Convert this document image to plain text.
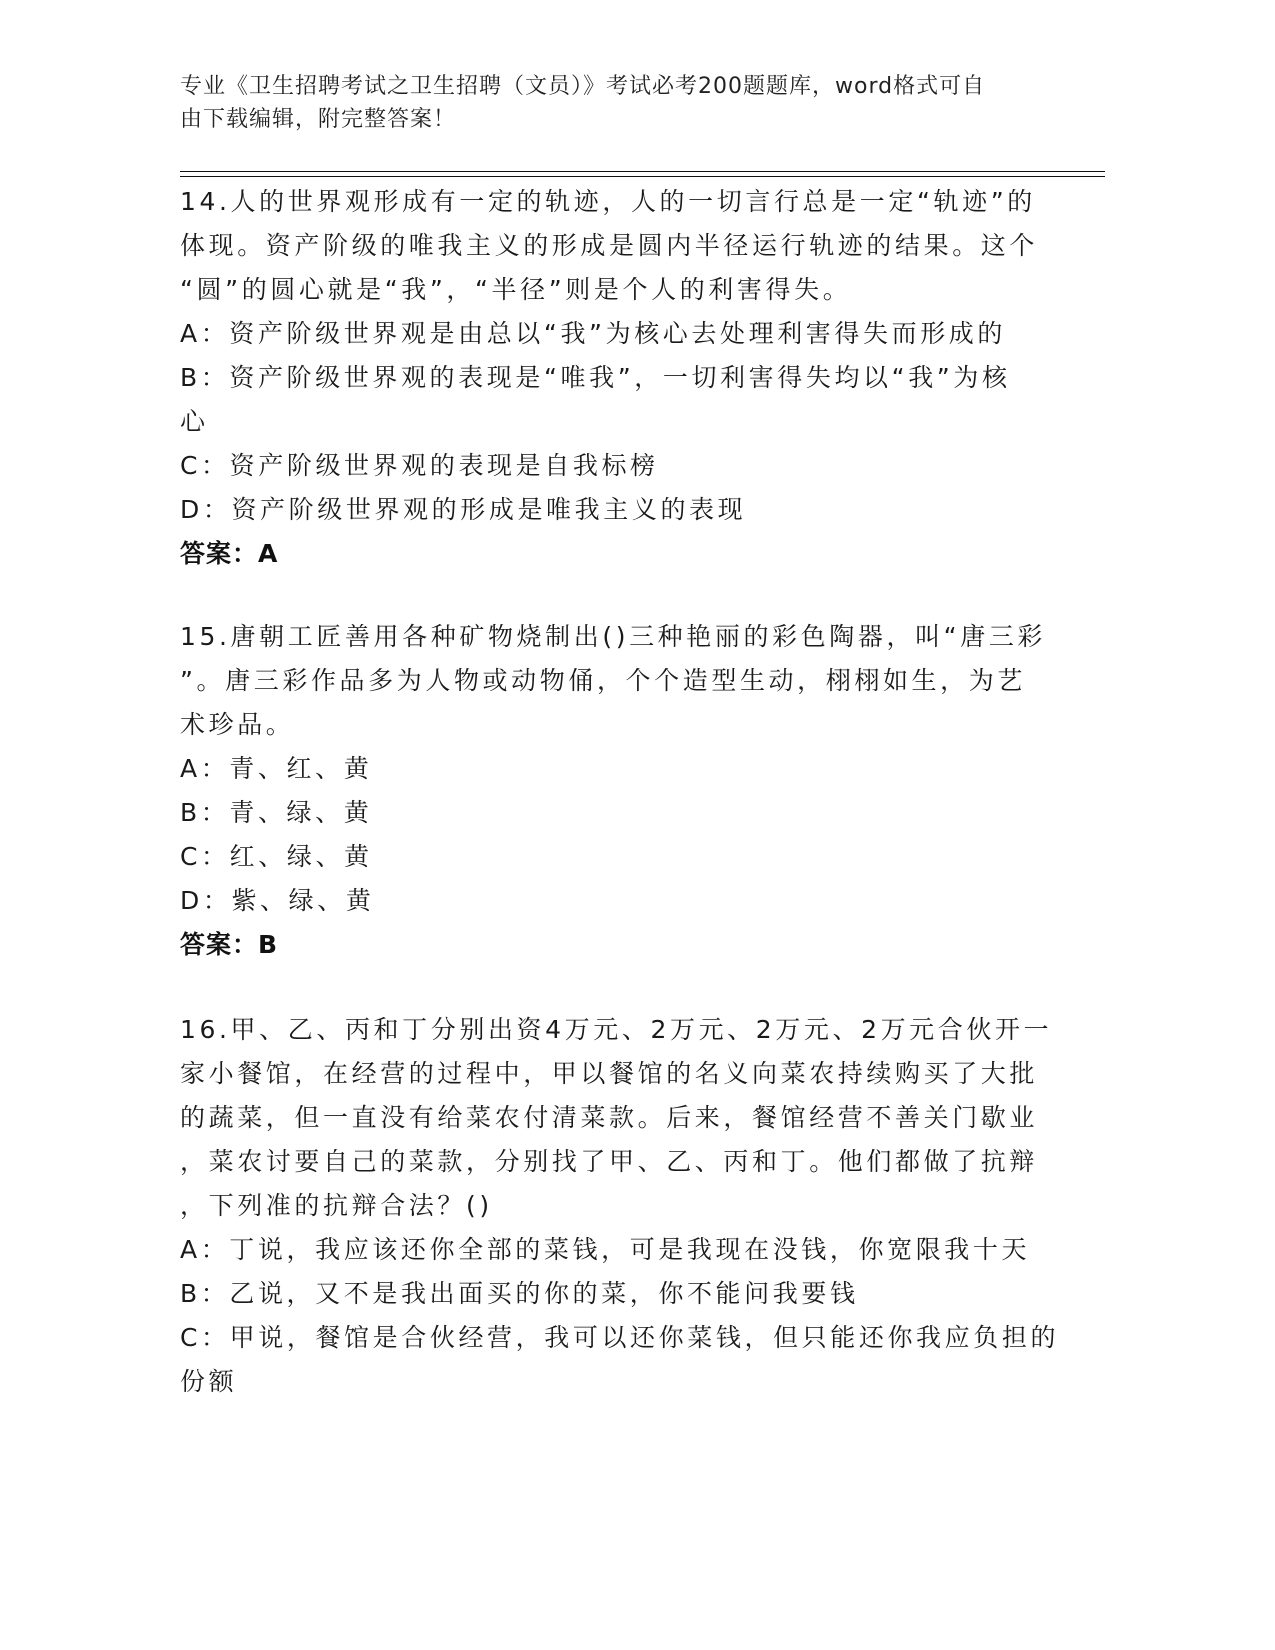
专业《卫生招聘考试之卫生招聘（文员）》考试必考200题题库，word格式可自
由下载编辑，附完整答案！
14.人的世界观形成有一定的轨迹，人的一切言行总是一定“轨迹”的
体现。资产阶级的唯我主义的形成是圆内半径运行轨迹的结果。这个
“圆”的圆心就是“我”，“半径”则是个人的利害得失。
A：资产阶级世界观是由总以“我”为核心去处理利害得失而形成的
B：资产阶级世界观的表现是“唯我”，一切利害得失均以“我”为核
心
C：资产阶级世界观的表现是自我标榜
D：资产阶级世界观的形成是唯我主义的表现
答案：A
15.唐朝工匠善用各种矿物烧制出()三种艳丽的彩色陶器，叫“唐三彩
”。唐三彩作品多为人物或动物俑，个个造型生动，栩栩如生，为艺
术珍品。
A：青、红、黄
B：青、绿、黄
C：红、绿、黄
D：紫、绿、黄
答案：B
16.甲、乙、丙和丁分别出资4万元、2万元、2万元、2万元合伙开一
家小餐馆，在经营的过程中，甲以餐馆的名义向菜农持续购买了大批
的蔬菜，但一直没有给菜农付清菜款。后来，餐馆经营不善关门歇业
，菜农讨要自己的菜款，分别找了甲、乙、丙和丁。他们都做了抗辩
，下列准的抗辩合法？()
A：丁说，我应该还你全部的菜钱，可是我现在没钱，你宽限我十天
B：乙说，又不是我出面买的你的菜，你不能问我要钱
C：甲说，餐馆是合伙经营，我可以还你菜钱，但只能还你我应负担的
份额
